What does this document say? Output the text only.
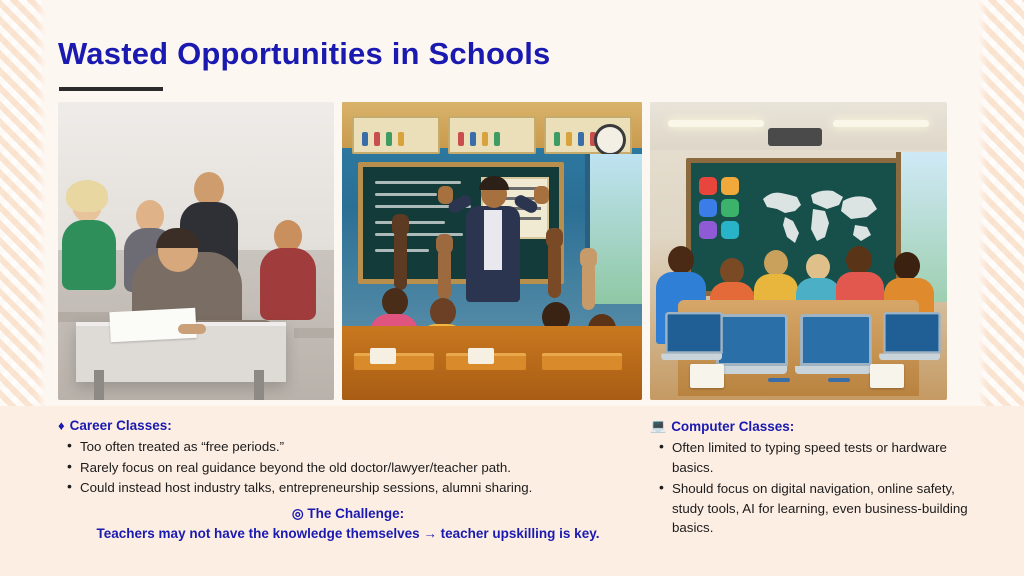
Wasted Opportunities in Schools
♦ Career Classes:
• Too often treated as “free periods.”
• Rarely focus on real guidance beyond the old doctor/lawyer/teacher path.
• Could instead host industry talks, entrepreneurship sessions, alumni sharing.
💻 Computer Classes:
• Often limited to typing speed tests or hardware basics.
• Should focus on digital navigation, online safety, study tools, AI for learning, even business-building basics.
◎ The Challenge:
Teachers may not have the knowledge themselves → teacher upskilling is key.
